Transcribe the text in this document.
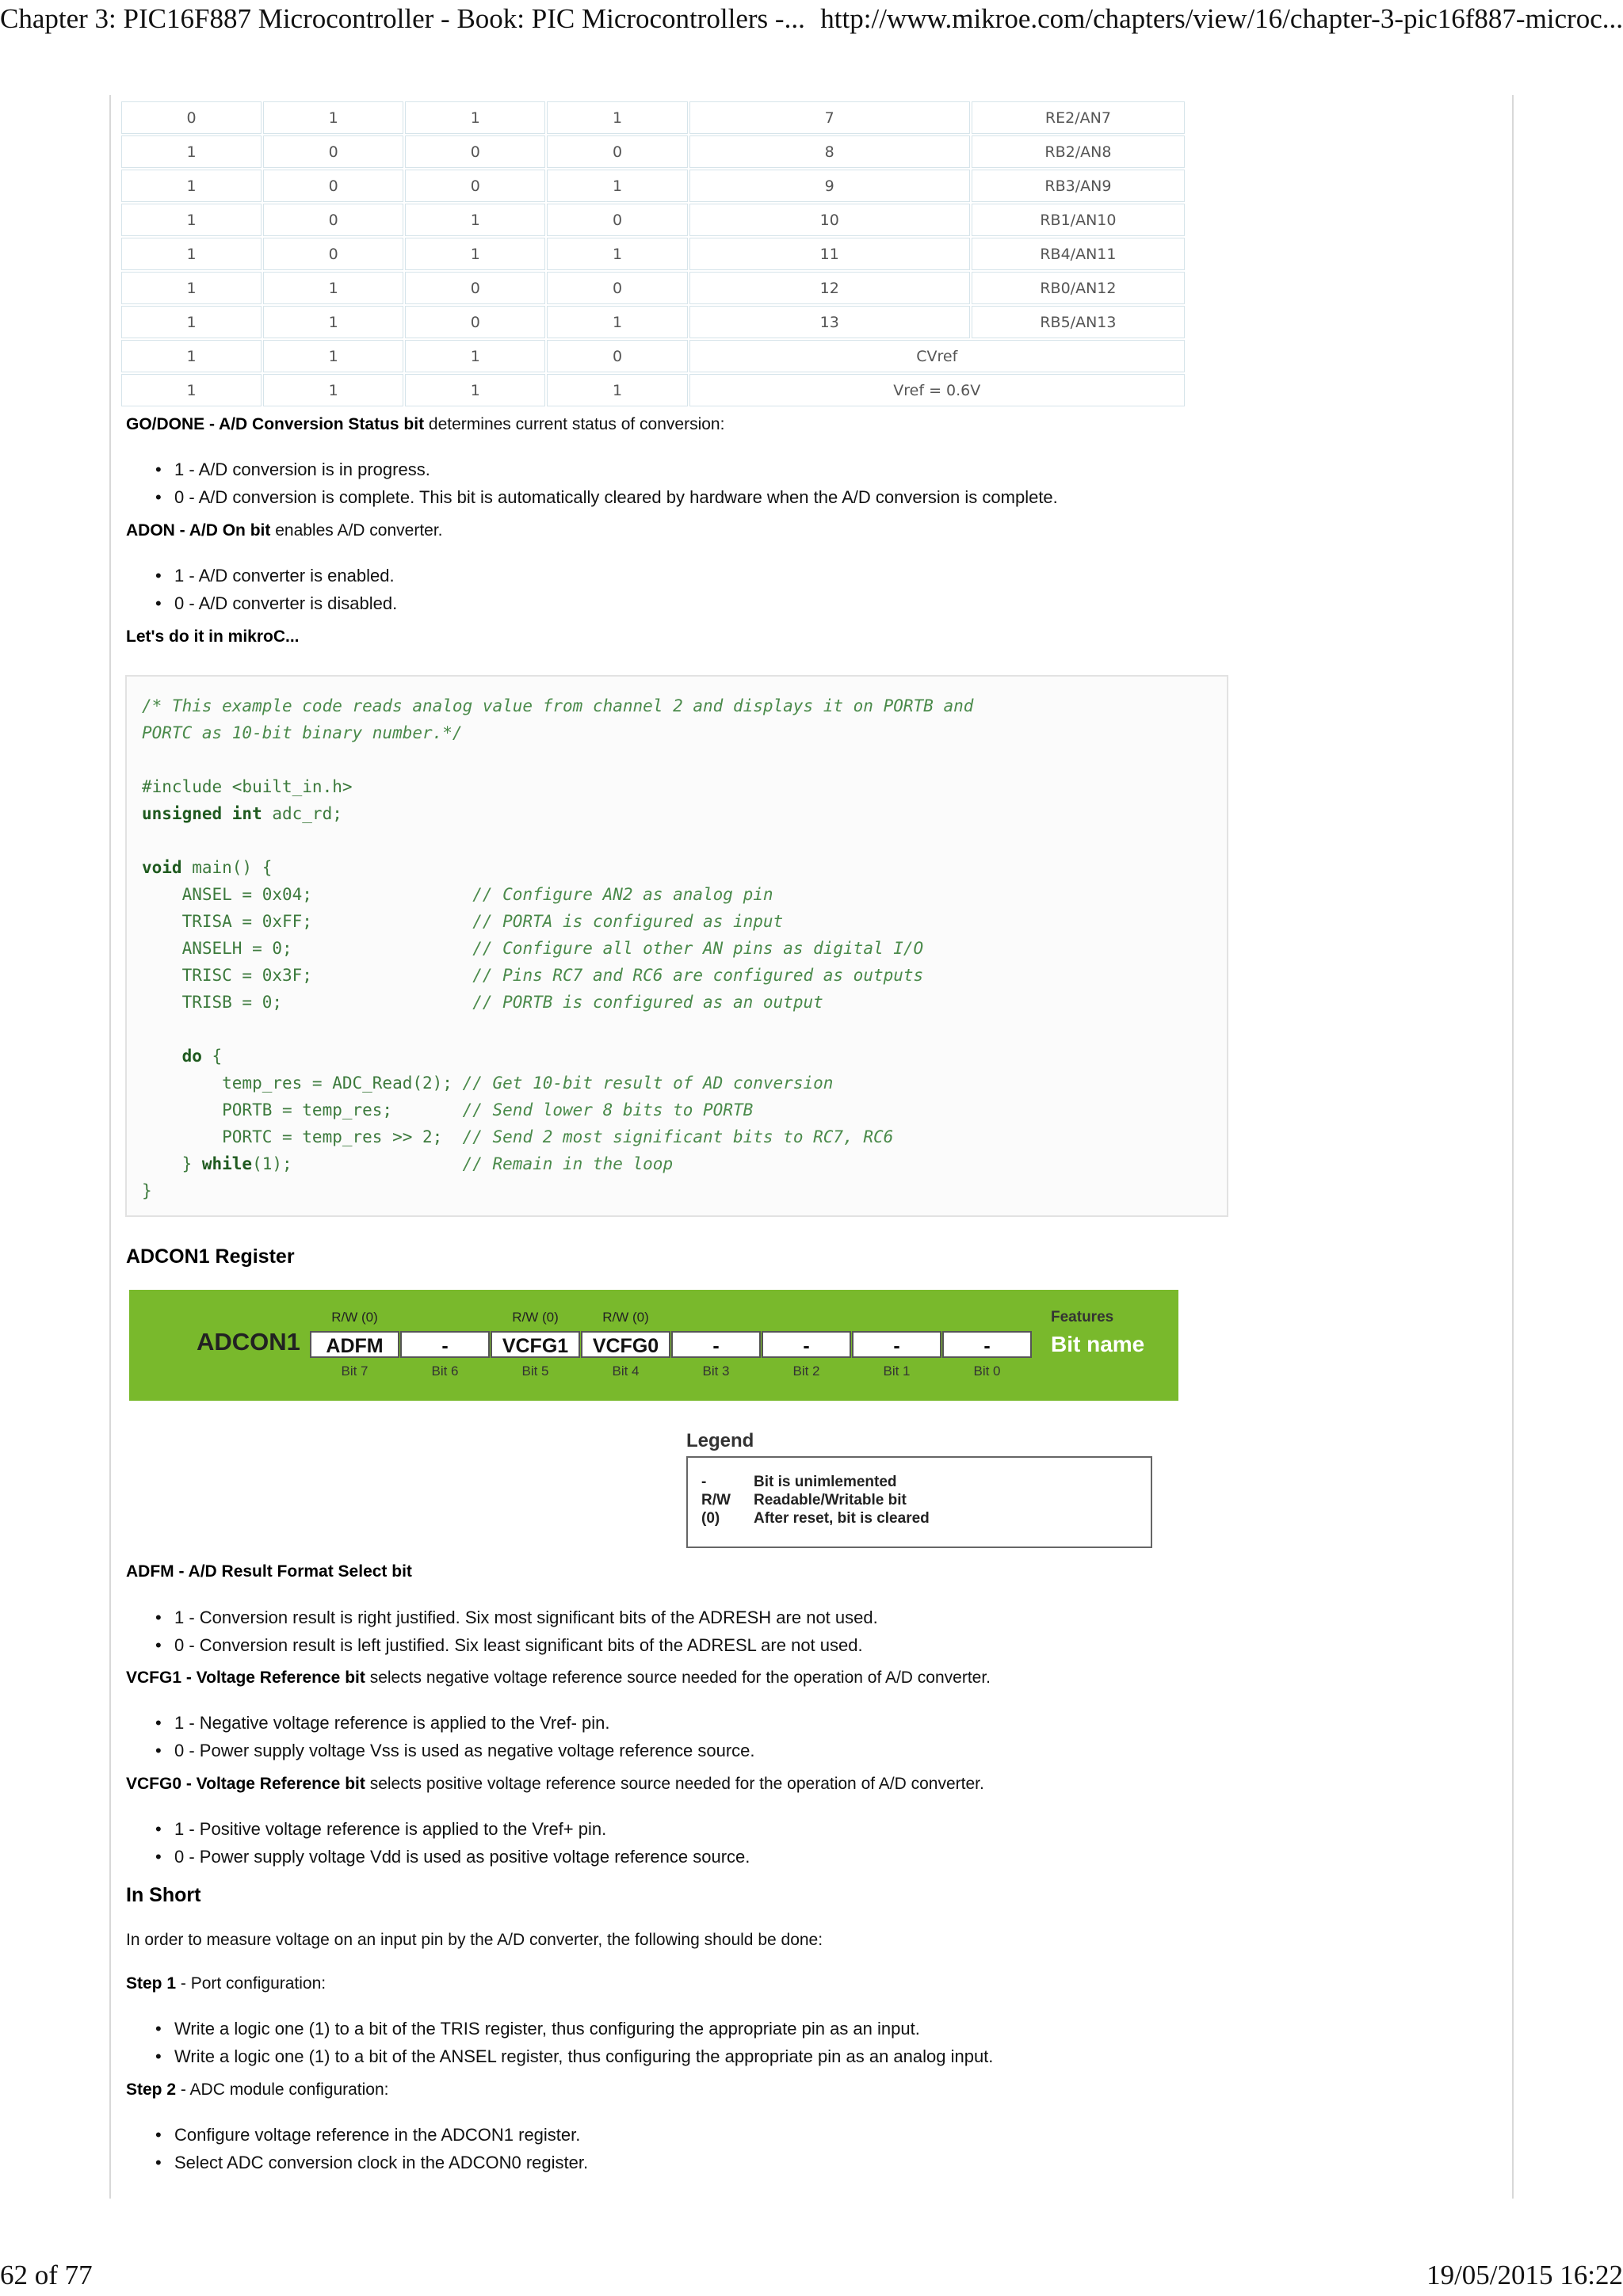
Chapter 3: PIC16F887 Microcontroller - Book: PIC Microcontrollers -... http://www.mikroe.com/chapters/view/16/chapter-3-pic16f887-microc...
0	1	1	1	7	RE2/AN7
1	0	0	0	8	RB2/AN8
1	0	0	1	9	RB3/AN9
1	0	1	0	10	RB1/AN10
1	0	1	1	11	RB4/AN11
1	1	0	0	12	RB0/AN12
1	1	0	1	13	RB5/AN13
1	1	1	0	CVref	
1	1	1	1	Vref = 0.6V	
GO/DONE - A/D Conversion Status bit determines current status of conversion:
• 1 - A/D conversion is in progress.
• 0 - A/D conversion is complete. This bit is automatically cleared by hardware when the A/D conversion is complete.
ADON - A/D On bit enables A/D converter.
• 1 - A/D converter is enabled.
• 0 - A/D converter is disabled.
Let's do it in mikroC...
/* This example code reads analog value from channel 2 and displays it on PORTB and
PORTC as 10-bit binary number.*/

#include <built_in.h>
unsigned int adc_rd;

void main() {
ANSEL = 0x04;	// Configure AN2 as analog pin
TRISA = 0xFF;	// PORTA is configured as input
ANSELH = 0;	// Configure all other AN pins as digital I/O
TRISC = 0x3F;	// Pins RC7 and RC6 are configured as outputs
TRISB = 0;	// PORTB is configured as an output

do {
temp_res = ADC_Read(2); // Get 10-bit result of AD conversion
PORTB = temp_res;	// Send lower 8 bits to PORTB
PORTC = temp_res >> 2; // Send 2 most significant bits to RC7, RC6
} while(1);	// Remain in the loop
}
ADCON1 Register
ADCON1
R/W (0)	R/W (0)	R/W (0)
ADFM	-	VCFG1	VCFG0	-	-	-	-
Bit 7	Bit 6	Bit 5	Bit 4	Bit 3	Bit 2	Bit 1	Bit 0
Features
Bit name
Legend
-	Bit is unimlemented
R/W Readable/Writable bit
(0) After reset, bit is cleared
ADFM - A/D Result Format Select bit
• 1 - Conversion result is right justified. Six most significant bits of the ADRESH are not used.
• 0 - Conversion result is left justified. Six least significant bits of the ADRESL are not used.
VCFG1 - Voltage Reference bit selects negative voltage reference source needed for the operation of A/D converter.
• 1 - Negative voltage reference is applied to the Vref- pin.
• 0 - Power supply voltage Vss is used as negative voltage reference source.
VCFG0 - Voltage Reference bit selects positive voltage reference source needed for the operation of A/D converter.
• 1 - Positive voltage reference is applied to the Vref+ pin.
• 0 - Power supply voltage Vdd is used as positive voltage reference source.
In Short
In order to measure voltage on an input pin by the A/D converter, the following should be done:
Step 1 - Port configuration:
• Write a logic one (1) to a bit of the TRIS register, thus configuring the appropriate pin as an input.
• Write a logic one (1) to a bit of the ANSEL register, thus configuring the appropriate pin as an analog input.
Step 2 - ADC module configuration:
• Configure voltage reference in the ADCON1 register.
• Select ADC conversion clock in the ADCON0 register.
62 of 77	19/05/2015 16:22
